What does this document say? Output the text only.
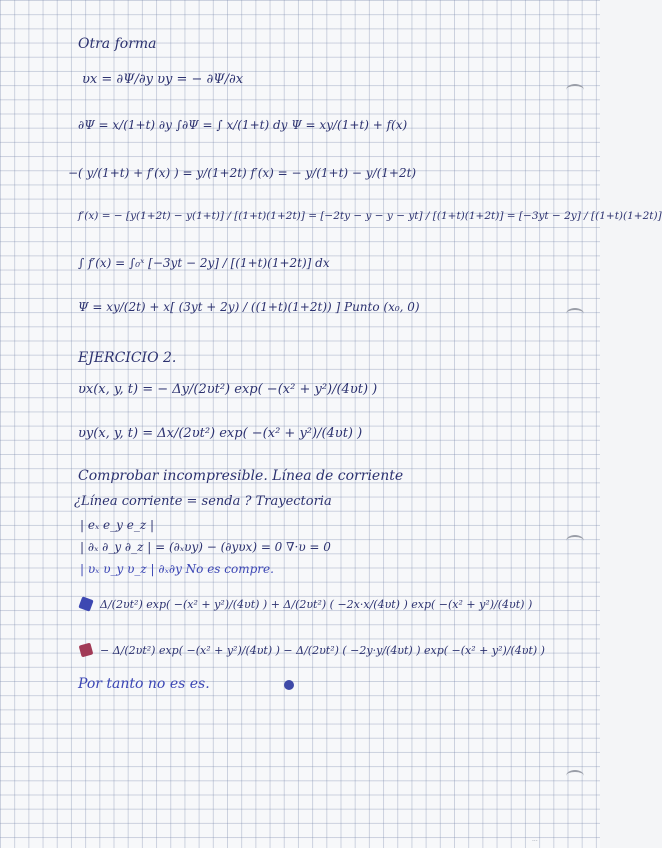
Otra forma
υx = ∂Ψ/∂y υy = − ∂Ψ/∂x
∂Ψ = x/(1+t) ∂y ∫∂Ψ = ∫ x/(1+t) dy Ψ = xy/(1+t) + f(x)
−( y/(1+t) + f′(x) ) = y/(1+2t) f′(x) = − y/(1+t) − y/(1+2t)
f′(x) = − [y(1+2t) − y(1+t)] / [(1+t)(1+2t)] = [−2ty − y − y − yt] / [(1+t)(1+2t)] = [−3yt − 2y] / [(1+t)(1+2t)]
∫ f′(x) = ∫₀ˣ [−3yt − 2y] / [(1+t)(1+2t)] dx
Ψ = xy/(2t) + x[ (3yt + 2y) / ((1+t)(1+2t)) ] Punto (x₀, 0)
EJERCICIO 2.
υx(x, y, t) = − Δy/(2υt²) exp( −(x² + y²)/(4υt) )
υy(x, y, t) = Δx/(2υt²) exp( −(x² + y²)/(4υt) )
Comprobar incompresible. Línea de corriente
¿Línea corriente = senda ? Trayectoria
| eₓ e_y e_z |
| ∂ₓ ∂_y ∂_z | = (∂ₓυy) − (∂yυx) = 0 ∇·υ = 0
| υₓ υ_y υ_z | ∂ₓ∂y No es compre.
Δ/(2υt²) exp( −(x² + y²)/(4υt) ) + Δ/(2υt²) ( −2x·x/(4υt) ) exp( −(x² + y²)/(4υt) )
− Δ/(2υt²) exp( −(x² + y²)/(4υt) ) − Δ/(2υt²) ( −2y·y/(4υt) ) exp( −(x² + y²)/(4υt) )
Por tanto no es es.
...
